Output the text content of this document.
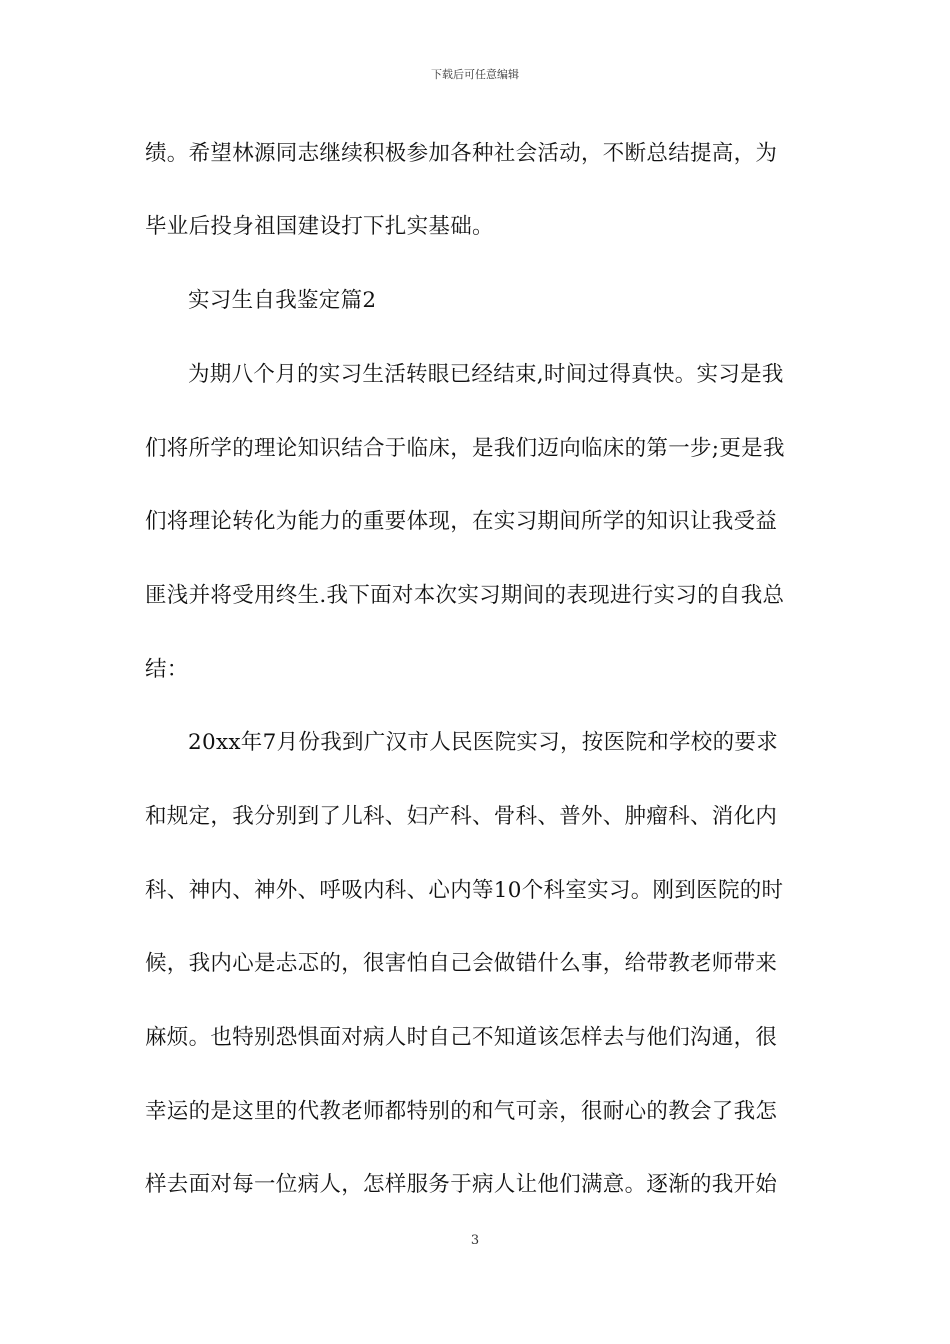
下载后可任意编辑
绩。希望林源同志继续积极参加各种社会活动，不断总结提高，为
毕业后投身祖国建设打下扎实基础。
实习生自我鉴定篇2
为期八个月的实习生活转眼已经结束,时间过得真快。实习是我
们将所学的理论知识结合于临床，是我们迈向临床的第一步;更是我
们将理论转化为能力的重要体现，在实习期间所学的知识让我受益
匪浅并将受用终生.我下面对本次实习期间的表现进行实习的自我总
结：
20xx年7月份我到广汉市人民医院实习，按医院和学校的要求
和规定，我分别到了儿科、妇产科、骨科、普外、肿瘤科、消化内
科、神内、神外、呼吸内科、心内等10个科室实习。刚到医院的时
候，我内心是忐忑的，很害怕自己会做错什么事，给带教老师带来
麻烦。也特别恐惧面对病人时自己不知道该怎样去与他们沟通，很
幸运的是这里的代教老师都特别的和气可亲，很耐心的教会了我怎
样去面对每一位病人，怎样服务于病人让他们满意。逐渐的我开始
3
